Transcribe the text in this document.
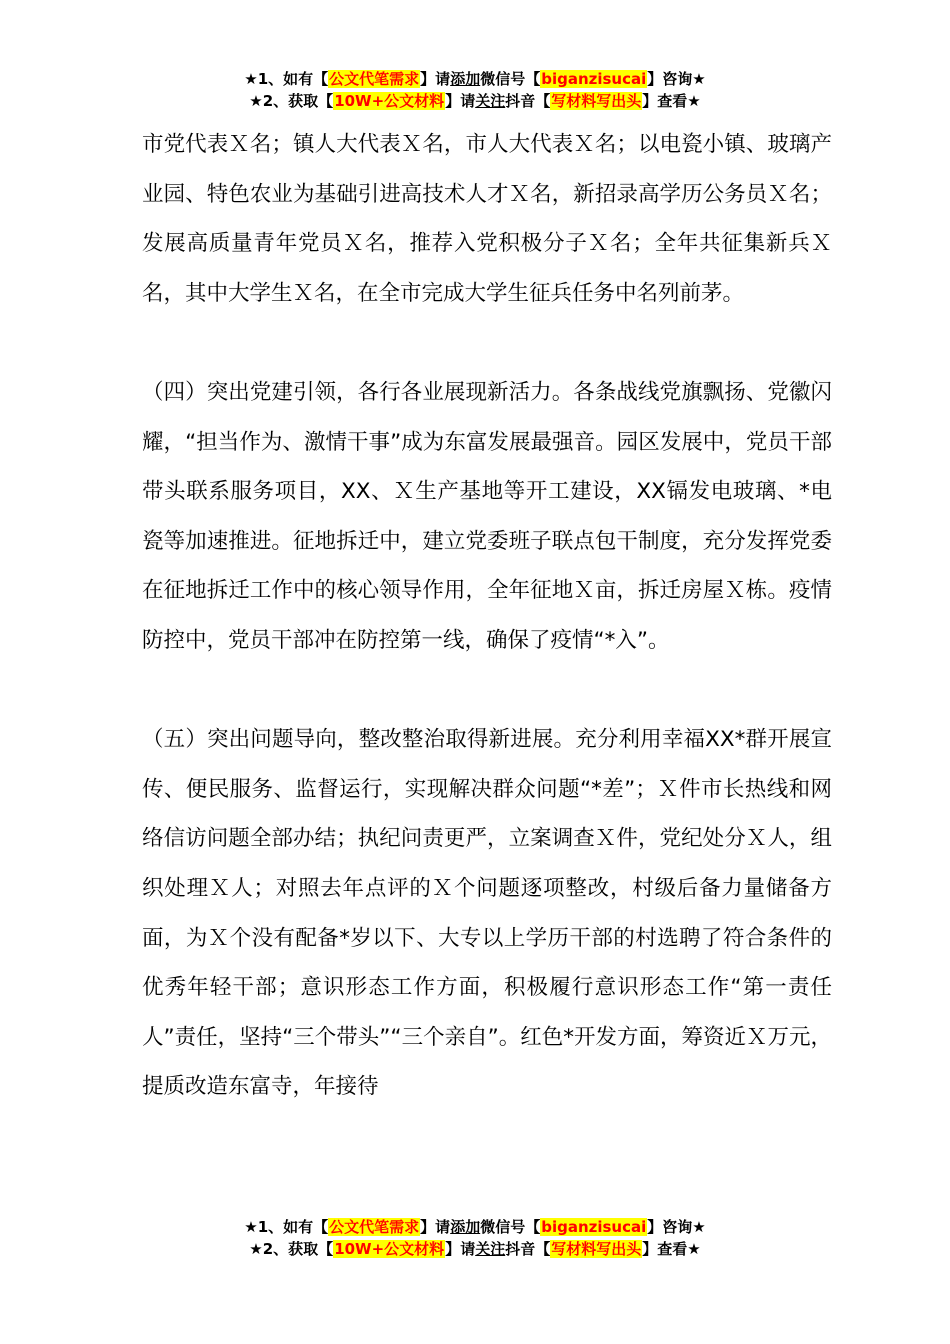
★1、如有【公文代笔需求】请添加微信号【biganzisucai】咨询★
★2、获取【10W+公文材料】请关注抖音【写材料写出头】查看★

市党代表Ｘ名；镇人大代表Ｘ名，市人大代表Ｘ名；以电瓷小镇、玻璃产业园、特色农业为基础引进高技术人才Ｘ名，新招录高学历公务员Ｘ名；发展高质量青年党员Ｘ名，推荐入党积极分子Ｘ名；全年共征集新兵Ｘ名，其中大学生Ｘ名，在全市完成大学生征兵任务中名列前茅。

（四）突出党建引领，各行各业展现新活力。各条战线党旗飘扬、党徽闪耀，“担当作为、激情干事”成为东富发展最强音。园区发展中，党员干部带头联系服务项目，XX、Ｘ生产基地等开工建设，XX镉发电玻璃、*电瓷等加速推进。征地拆迁中，建立党委班子联点包干制度，充分发挥党委在征地拆迁工作中的核心领导作用，全年征地Ｘ亩，拆迁房屋Ｘ栋。疫情防控中，党员干部冲在防控第一线，确保了疫情“*入”。

（五）突出问题导向，整改整治取得新进展。充分利用幸福XX*群开展宣传、便民服务、监督运行，实现解决群众问题“*差”；Ｘ件市长热线和网络信访问题全部办结；执纪问责更严，立案调查Ｘ件，党纪处分Ｘ人，组织处理Ｘ人；对照去年点评的Ｘ个问题逐项整改，村级后备力量储备方面，为Ｘ个没有配备*岁以下、大专以上学历干部的村选聘了符合条件的优秀年轻干部；意识形态工作方面，积极履行意识形态工作“第一责任人”责任，坚持“三个带头”“三个亲自”。红色*开发方面，筹资近Ｘ万元，提质改造东富寺，年接待

★1、如有【公文代笔需求】请添加微信号【biganzisucai】咨询★
★2、获取【10W+公文材料】请关注抖音【写材料写出头】查看★
